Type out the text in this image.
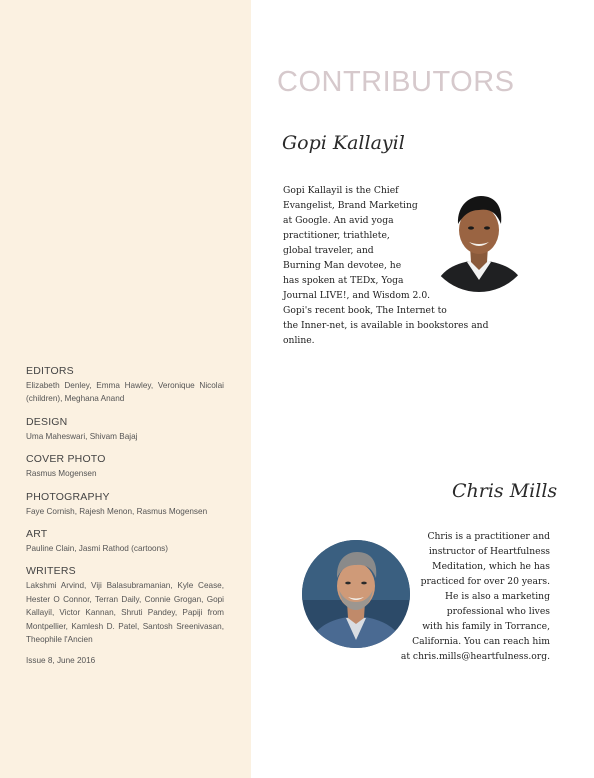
EDITORS
Elizabeth Denley, Emma Hawley, Veronique Nicolai (children), Meghana Anand
DESIGN
Uma Maheswari, Shivam Bajaj
COVER PHOTO
Rasmus Mogensen
PHOTOGRAPHY
Faye Cornish, Rajesh Menon, Rasmus Mogensen
ART
Pauline Clain, Jasmi Rathod (cartoons)
WRITERS
Lakshmi Arvind, Viji Balasubramanian, Kyle Cease, Hester O Connor, Terran Daily, Connie Grogan, Gopi Kallayil, Victor Kannan, Shruti Pandey, Papiji from Montpellier, Kamlesh D. Patel, Santosh Sreenivasan, Theophile l'Ancien
Issue 8, June 2016
CONTRIBUTORS
Gopi Kallayil
Gopi Kallayil is the Chief
Evangelist, Brand Marketing
at Google. An avid yoga
practitioner, triathlete,
global traveler, and
Burning Man devotee, he
has spoken at TEDx, Yoga
Journal LIVE!, and Wisdom 2.0.
Gopi's recent book, The Internet to
the Inner-net, is available in bookstores and
online.
Chris Mills
Chris is a practitioner and
instructor of Heartfulness
Meditation, which he has
practiced for over 20 years.
He is also a marketing
professional who lives
with his family in Torrance,
California. You can reach him
at chris.mills@heartfulness.org.
